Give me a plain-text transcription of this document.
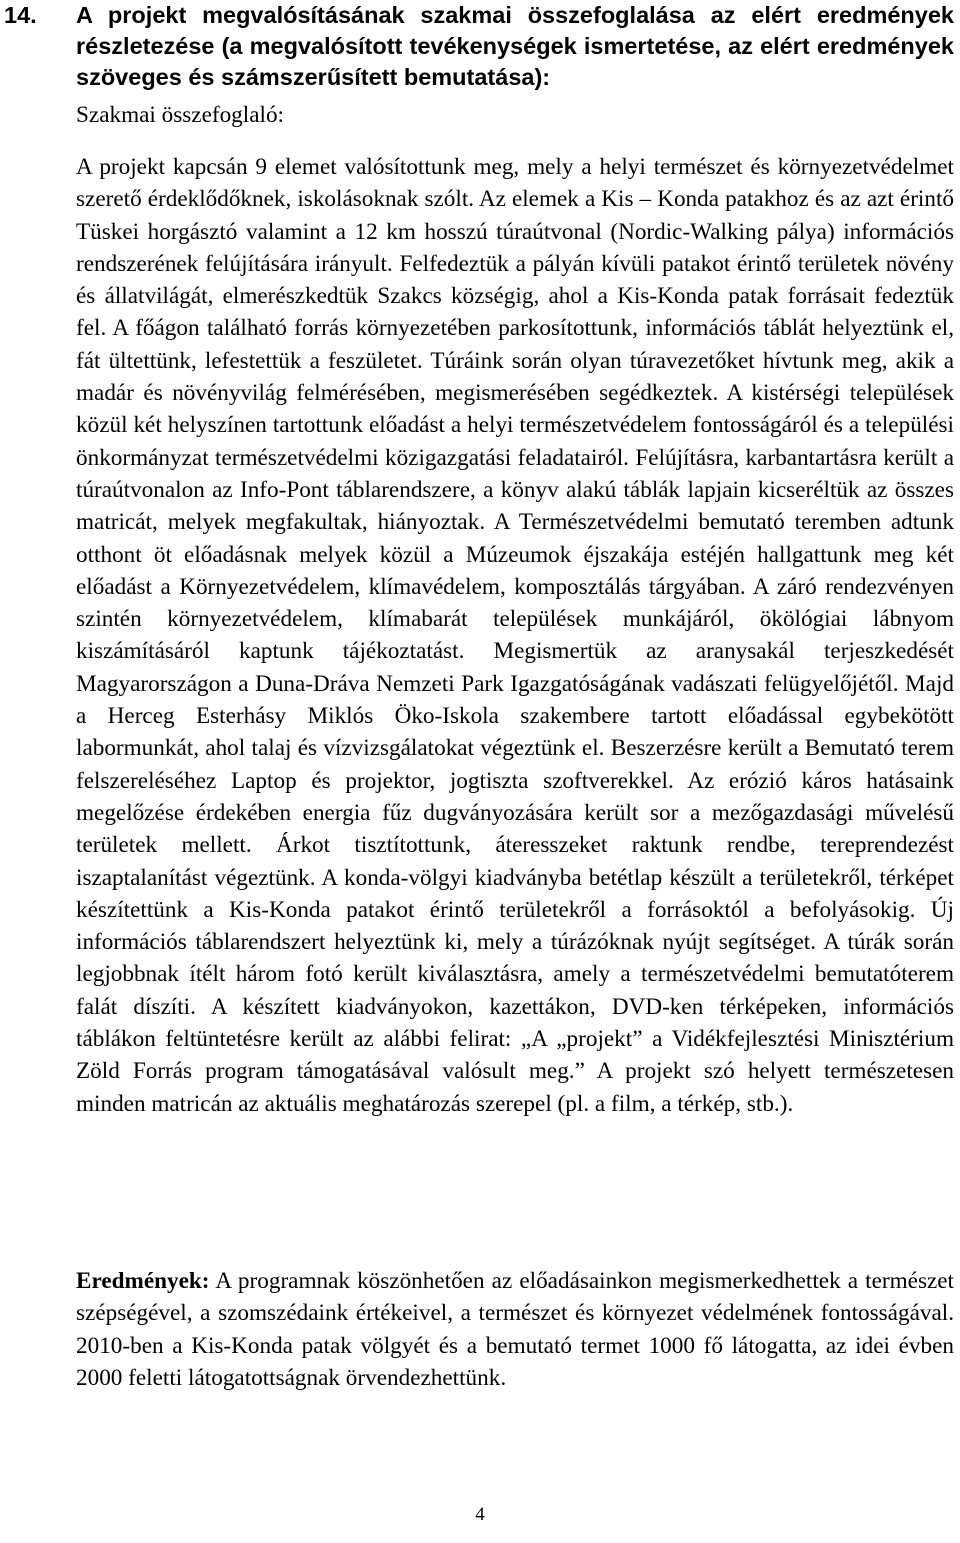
14. A projekt megvalósításának szakmai összefoglalása az elért eredmények részletezése (a megvalósított tevékenységek ismertetése, az elért eredmények szöveges és számszerűsített bemutatása):
Szakmai összefoglaló:

A projekt kapcsán 9 elemet valósítottunk meg, mely a helyi természet és környezetvédelmet szerető érdeklődőknek, iskolásoknak szólt. Az elemek a Kis – Konda patakhoz és az azt érintő Tüskei horgásztó valamint a 12 km hosszú túraútvonal (Nordic-Walking pálya) információs rendszerének felújítására irányult. Felfedeztük a pályán kívüli patakot érintő területek növény és állatvilágát, elmerészkedtük Szakcs községig, ahol a Kis-Konda patak forrásait fedeztük fel. A főágon található forrás környezetében parkosítottunk, információs táblát helyeztünk el, fát ültettünk, lefestettük a feszületet. Túráink során olyan túravezetőket hívtunk meg, akik a madár és növényvilág felmérésében, megismerésében segédkeztek. A kistérségi települések közül két helyszínen tartottunk előadást a helyi természetvédelem fontosságáról és a települési önkormányzat természetvédelmi közigazgatási feladatairól. Felújításra, karbantartásra került a túraútvonalon az Info-Pont táblarendszere, a könyv alakú táblák lapjain kicseréltük az összes matricát, melyek megfakultak, hiányoztak. A Természetvédelmi bemutató teremben adtunk otthont öt előadásnak melyek közül a Múzeumok éjszakája estéjén hallgattunk meg két előadást a Környezetvédelem, klímavédelem, komposztálás tárgyában. A záró rendezvényen szintén környezetvédelem, klímabarát települések munkájáról, ökölógiai lábnyom kiszámításáról kaptunk tájékoztatást. Megismertük az aranysakál terjeszkedését Magyarországon a Duna-Dráva Nemzeti Park Igazgatóságának vadászati felügyelőjétől. Majd a Herceg Esterhásy Miklós Öko-Iskola szakembere tartott előadással egybekötött labormunkát, ahol talaj és vízvizsgálatokat végeztünk el. Beszerzésre került a Bemutató terem felszereléséhez Laptop és projektor, jogtiszta szoftverekkel. Az erózió káros hatásaink megelőzése érdekében energia fűz dugványozására került sor a mezőgazdasági művelésű területek mellett. Árkot tisztítottunk, áteresszeket raktunk rendbe, tereprendezést iszaptalanítást végeztünk. A konda-völgyi kiadványba betétlap készült a területekről, térképet készítettünk a Kis-Konda patakot érintő területekről a forrásoktól a befolyásokig. Új információs táblarendszert helyeztünk ki, mely a túrázóknak nyújt segítséget. A túrák során legjobbnak ítélt három fotó került kiválasztásra, amely a természetvédelmi bemutatóterem falát díszíti. A készített kiadványokon, kazettákon, DVD-ken térképeken, információs táblákon feltüntetésre került az alábbi felirat: „A „projekt” a Vidékfejlesztési Minisztérium Zöld Forrás program támogatásával valósult meg.” A projekt szó helyett természetesen minden matricán az aktuális meghatározás szerepel (pl. a film, a térkép, stb.).

Eredmények: A programnak köszönhetően az előadásainkon megismerkedhettek a természet szépségével, a szomszédaink értékeivel, a természet és környezet védelmének fontosságával. 2010-ben a Kis-Konda patak völgyét és a bemutató termet 1000 fő látogatta, az idei évben 2000 feletti látogatottságnak örvendezhettünk.

4
